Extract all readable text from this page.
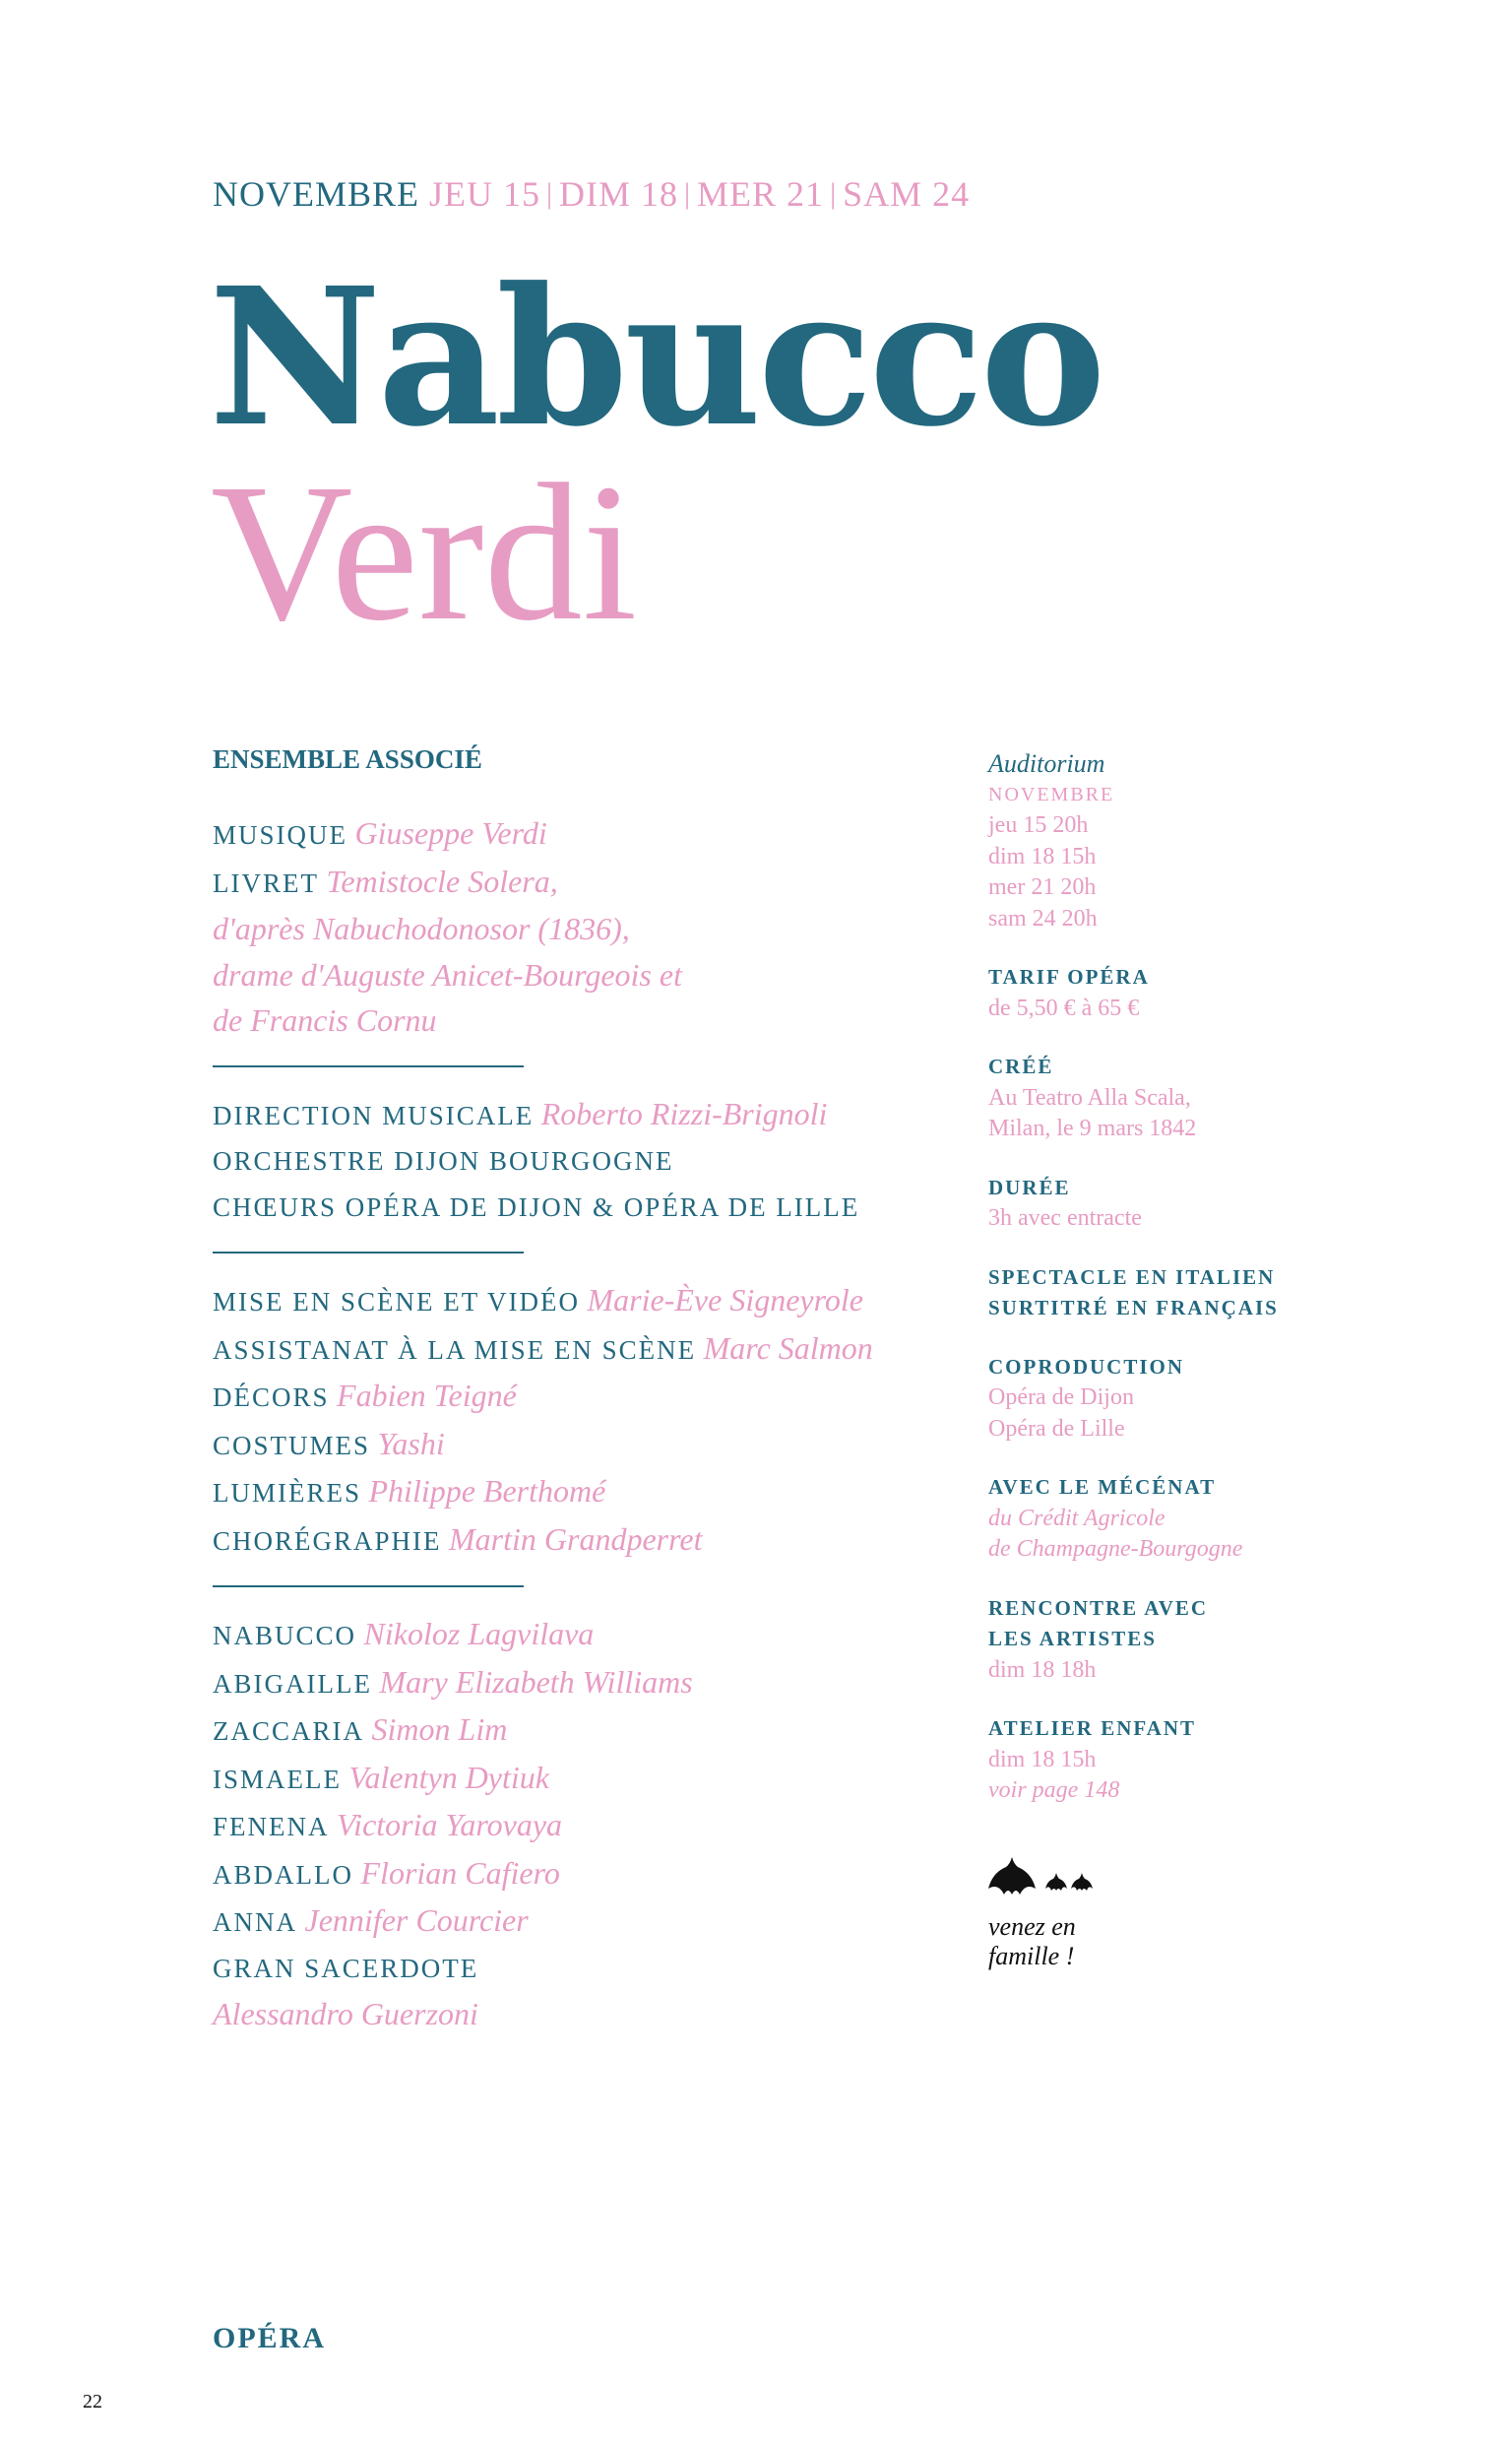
NOVEMBRE JEU 15 | DIM 18 | MER 21 | SAM 24
Nabucco
Verdi
ENSEMBLE ASSOCIÉ
MUSIQUE Giuseppe Verdi
LIVRET Temistocle Solera,
d'après Nabuchodonosor (1836),
drame d'Auguste Anicet-Bourgeois et
de Francis Cornu
DIRECTION MUSICALE Roberto Rizzi-Brignoli
ORCHESTRE DIJON BOURGOGNE
CHŒURS OPÉRA DE DIJON & OPÉRA DE LILLE
MISE EN SCÈNE ET VIDÉO Marie-Ève Signeyrole
ASSISTANAT À LA MISE EN SCÈNE Marc Salmon
DÉCORS Fabien Teigné
COSTUMES Yashi
LUMIÈRES Philippe Berthomé
CHORÉGRAPHIE Martin Grandperret
NABUCCO Nikoloz Lagvilava
ABIGAILLE Mary Elizabeth Williams
ZACCARIA Simon Lim
ISMAELE Valentyn Dytiuk
FENENA Victoria Yarovaya
ABDALLO Florian Cafiero
ANNA Jennifer Courcier
GRAN SACERDOTE
Alessandro Guerzoni
Auditorium
NOVEMBRE
jeu 15 20h
dim 18 15h
mer 21 20h
sam 24 20h
TARIF OPÉRA
de 5,50 € à 65 €
CRÉÉ
Au Teatro Alla Scala,
Milan, le 9 mars 1842
DURÉE
3h avec entracte
SPECTACLE EN ITALIEN
SURTITRÉ EN FRANÇAIS
COPRODUCTION
Opéra de Dijon
Opéra de Lille
AVEC LE MÉCÉNAT
du Crédit Agricole
de Champagne-Bourgogne
RENCONTRE AVEC
LES ARTISTES
dim 18 18h
ATELIER ENFANT
dim 18 15h
voir page 148
venez en
famille !
OPÉRA
22
